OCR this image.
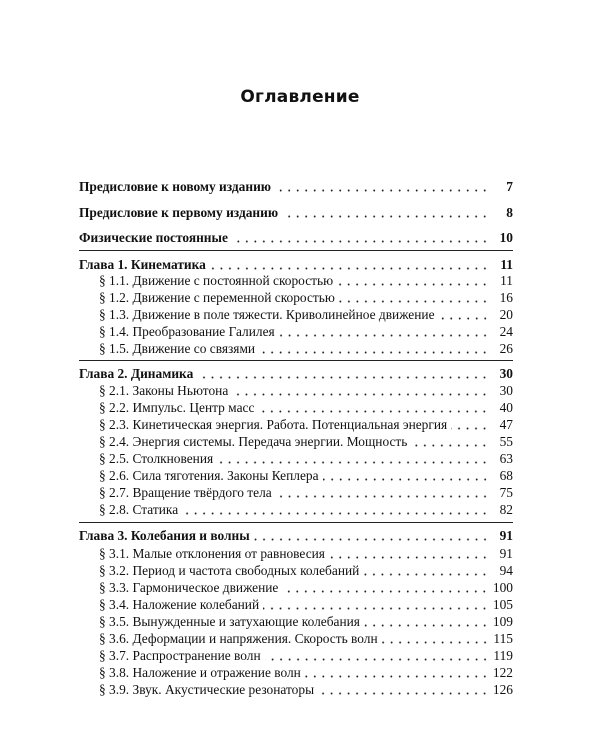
Оглавление
Предисловие к новому изданию	7
Предисловие к первому изданию	8
Физические постоянные	10
Глава 1. Кинематика	11
§ 1.1. Движение с постоянной скоростью	11
§ 1.2. Движение с переменной скоростью	16
§ 1.3. Движение в поле тяжести. Криволинейное движение	20
§ 1.4. Преобразование Галилея	24
§ 1.5. Движение со связями	26
Глава 2. Динамика	30
§ 2.1. Законы Ньютона	30
§ 2.2. Импульс. Центр масс	40
§ 2.3. Кинетическая энергия. Работа. Потенциальная энергия	47
§ 2.4. Энергия системы. Передача энергии. Мощность	55
§ 2.5. Столкновения	63
§ 2.6. Сила тяготения. Законы Кеплера	68
§ 2.7. Вращение твёрдого тела	75
§ 2.8. Статика	82
Глава 3. Колебания и волны	91
§ 3.1. Малые отклонения от равновесия	91
§ 3.2. Период и частота свободных колебаний	94
§ 3.3. Гармоническое движение	100
§ 3.4. Наложение колебаний	105
§ 3.5. Вынужденные и затухающие колебания	109
§ 3.6. Деформации и напряжения. Скорость волн	115
§ 3.7. Распространение волн	119
§ 3.8. Наложение и отражение волн	122
§ 3.9. Звук. Акустические резонаторы	126
